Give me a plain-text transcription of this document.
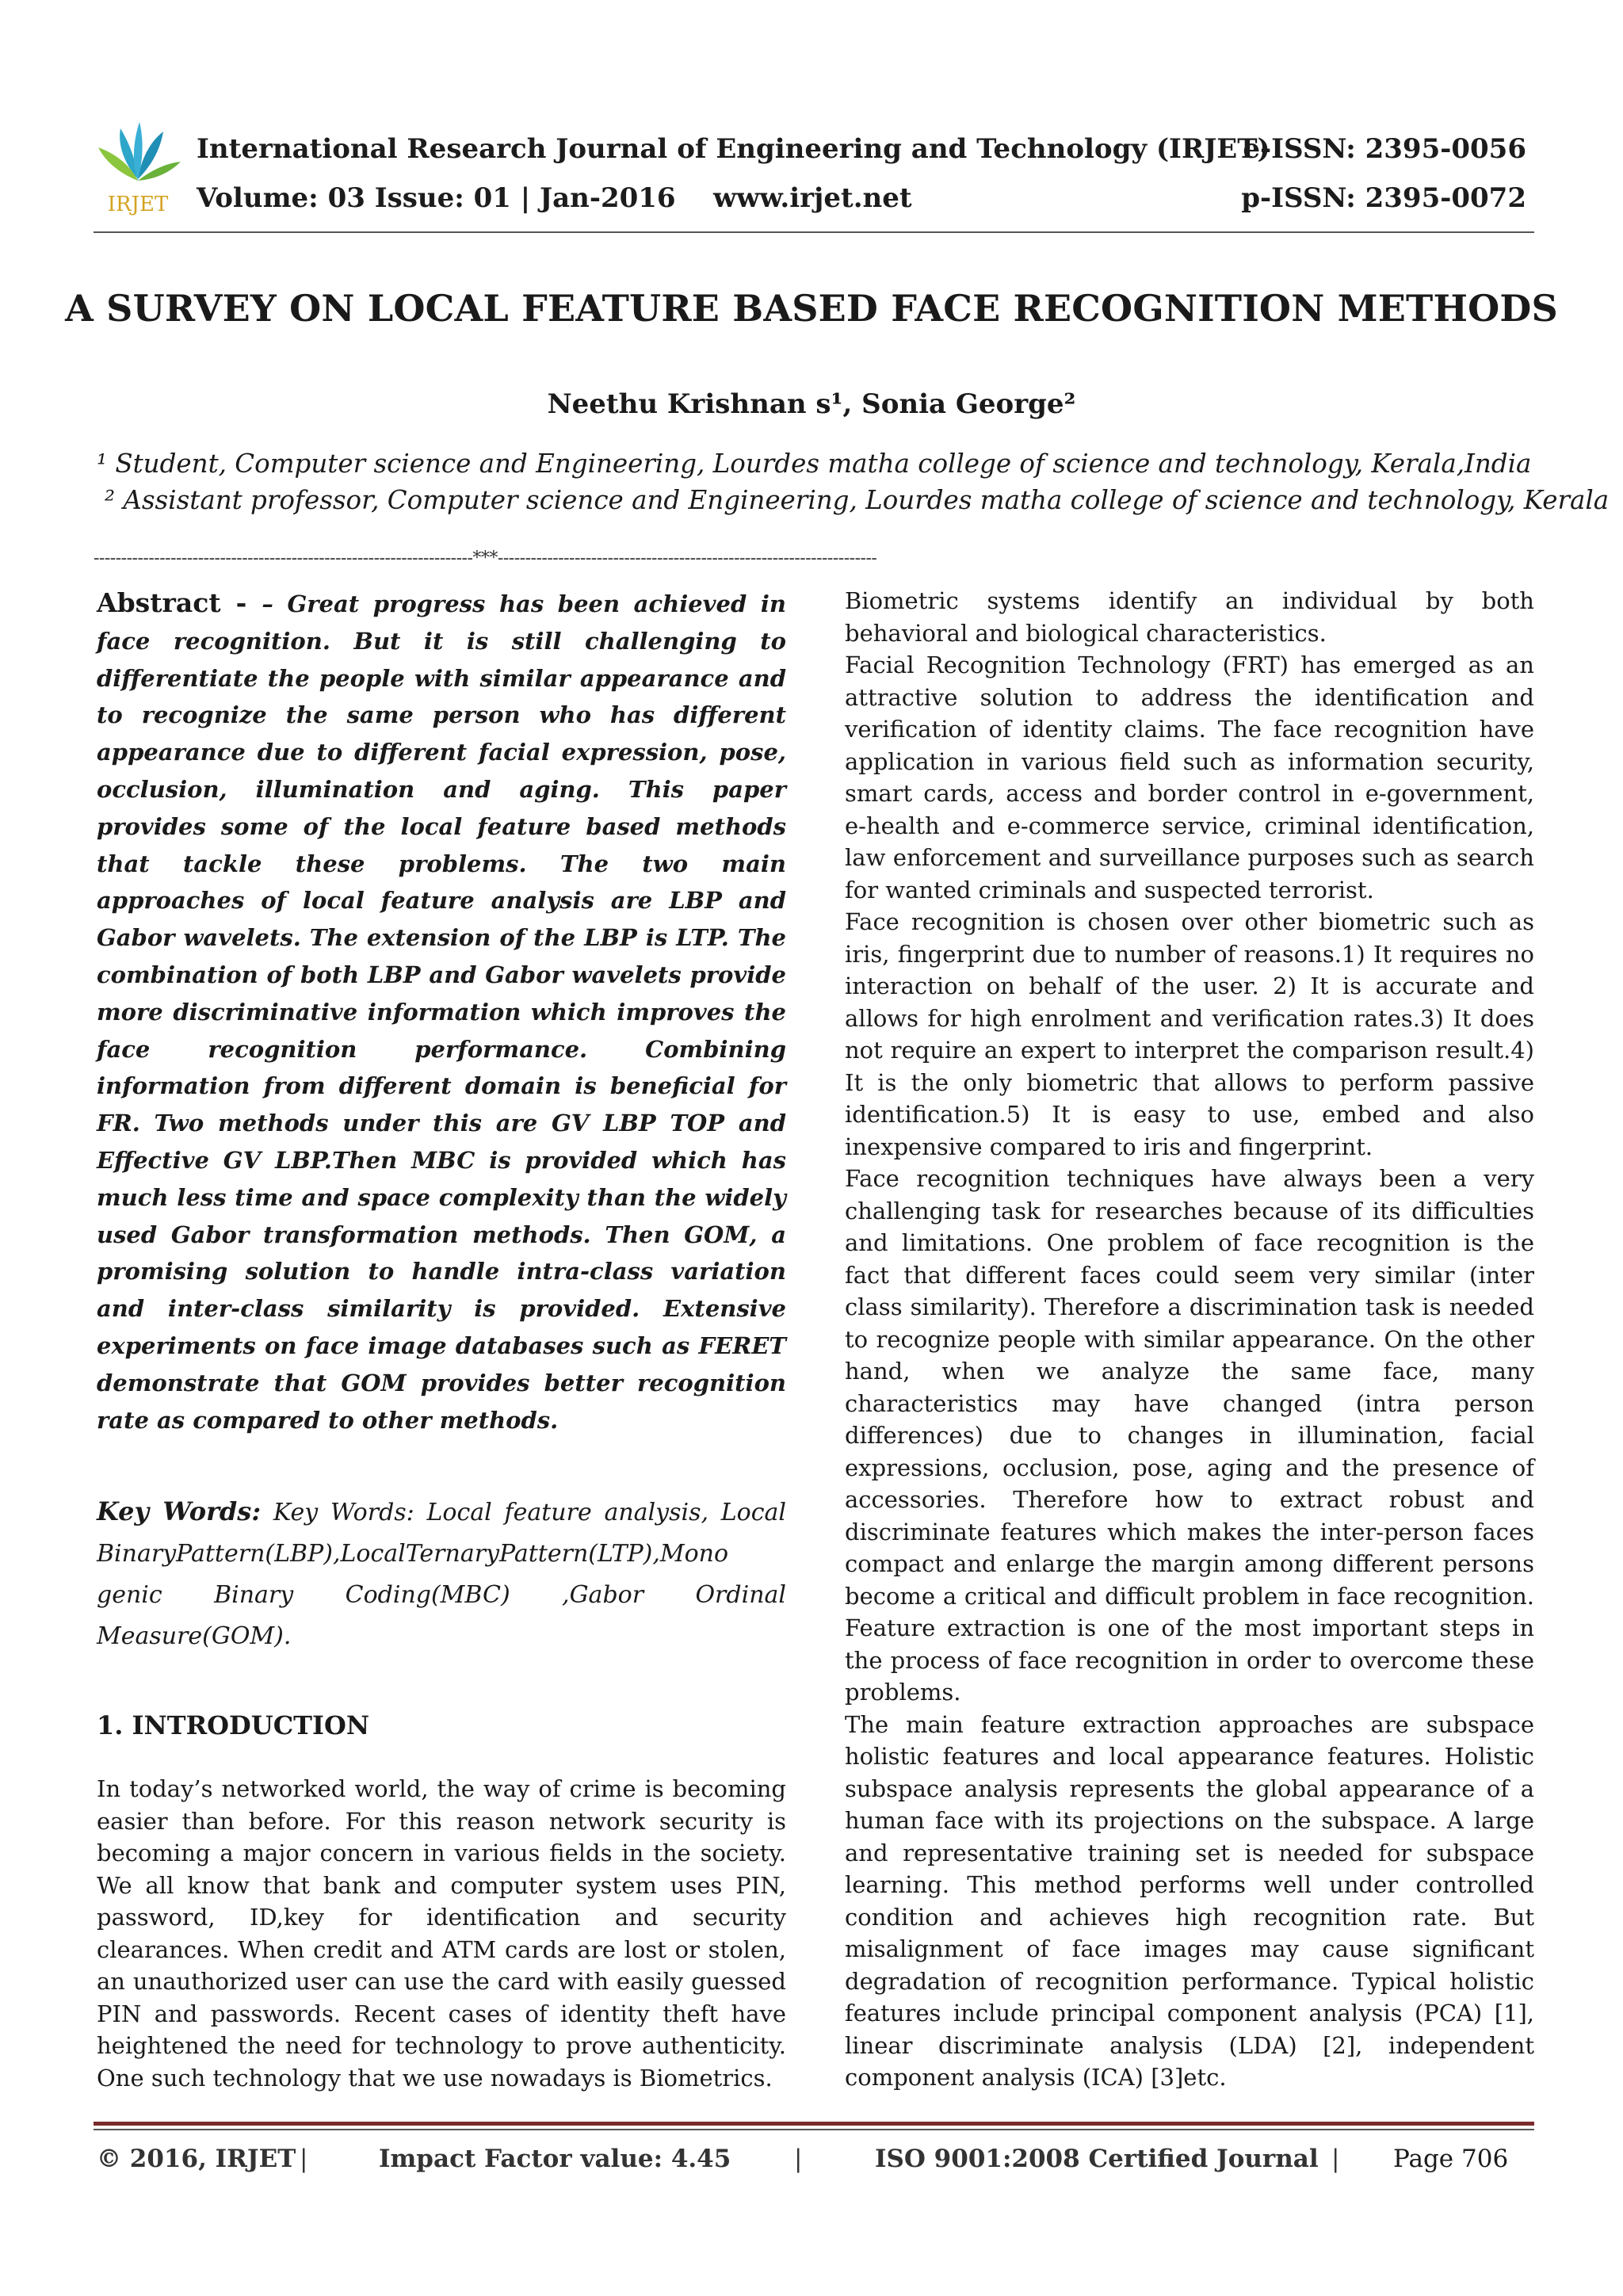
IRJET
International Research Journal of Engineering and Technology (IRJET)
e-ISSN: 2395-0056
Volume: 03 Issue: 01 | Jan-2016 www.irjet.net	p-ISSN: 2395-0072
A SURVEY ON LOCAL FEATURE BASED FACE RECOGNITION METHODS
Neethu Krishnan s¹, Sonia George²
¹ Student, Computer science and Engineering, Lourdes matha college of science and technology, Kerala,India
² Assistant professor, Computer science and Engineering, Lourdes matha college of science and technology, Kerala
---------------------------------------------------------------------***---------------------------------------------------------------------

Abstract - – Great progress has been achieved in face recognition. But it is still challenging to differentiate the people with similar appearance and to recognize the same person who has different appearance due to different facial expression, pose, occlusion, illumination and aging. This paper provides some of the local feature based methods that tackle these problems. The two main approaches of local feature analysis are LBP and Gabor wavelets. The extension of the LBP is LTP. The combination of both LBP and Gabor wavelets provide more discriminative information which improves the face recognition performance. Combining information from different domain is beneficial for FR. Two methods under this are GV LBP TOP and Effective GV LBP.Then MBC is provided which has much less time and space complexity than the widely used Gabor transformation methods. Then GOM, a promising solution to handle intra-class variation and inter-class similarity is provided. Extensive experiments on face image databases such as FERET demonstrate that GOM provides better recognition rate as compared to other methods.

Key Words: Key Words: Local feature analysis, Local BinaryPattern(LBP),LocalTernaryPattern(LTP),Mono genic Binary Coding(MBC) ,Gabor Ordinal Measure(GOM).

1. INTRODUCTION

In today’s networked world, the way of crime is becoming easier than before. For this reason network security is becoming a major concern in various fields in the society. We all know that bank and computer system uses PIN, password, ID,key for identification and security clearances. When credit and ATM cards are lost or stolen, an unauthorized user can use the card with easily guessed PIN and passwords. Recent cases of identity theft have heightened the need for technology to prove authenticity. One such technology that we use nowadays is Biometrics.

Biometric systems identify an individual by both behavioral and biological characteristics.

Facial Recognition Technology (FRT) has emerged as an attractive solution to address the identification and verification of identity claims. The face recognition have application in various field such as information security, smart cards, access and border control in e-government, e-health and e-commerce service, criminal identification, law enforcement and surveillance purposes such as search for wanted criminals and suspected terrorist.

Face recognition is chosen over other biometric such as iris, fingerprint due to number of reasons.1) It requires no interaction on behalf of the user. 2) It is accurate and allows for high enrolment and verification rates.3) It does not require an expert to interpret the comparison result.4) It is the only biometric that allows to perform passive identification.5) It is easy to use, embed and also inexpensive compared to iris and fingerprint.

Face recognition techniques have always been a very challenging task for researches because of its difficulties and limitations. One problem of face recognition is the fact that different faces could seem very similar (inter class similarity). Therefore a discrimination task is needed to recognize people with similar appearance. On the other hand, when we analyze the same face, many characteristics may have changed (intra person differences) due to changes in illumination, facial expressions, occlusion, pose, aging and the presence of accessories. Therefore how to extract robust and discriminate features which makes the inter-person faces compact and enlarge the margin among different persons become a critical and difficult problem in face recognition. Feature extraction is one of the most important steps in the process of face recognition in order to overcome these problems.

The main feature extraction approaches are subspace holistic features and local appearance features. Holistic subspace analysis represents the global appearance of a human face with its projections on the subspace. A large and representative training set is needed for subspace learning. This method performs well under controlled condition and achieves high recognition rate. But misalignment of face images may cause significant degradation of recognition performance. Typical holistic features include principal component analysis (PCA) [1], linear discriminate analysis (LDA) [2], independent component analysis (ICA) [3]etc.

© 2016, IRJET |	Impact Factor value: 4.45	|	ISO 9001:2008 Certified Journal | Page 706
